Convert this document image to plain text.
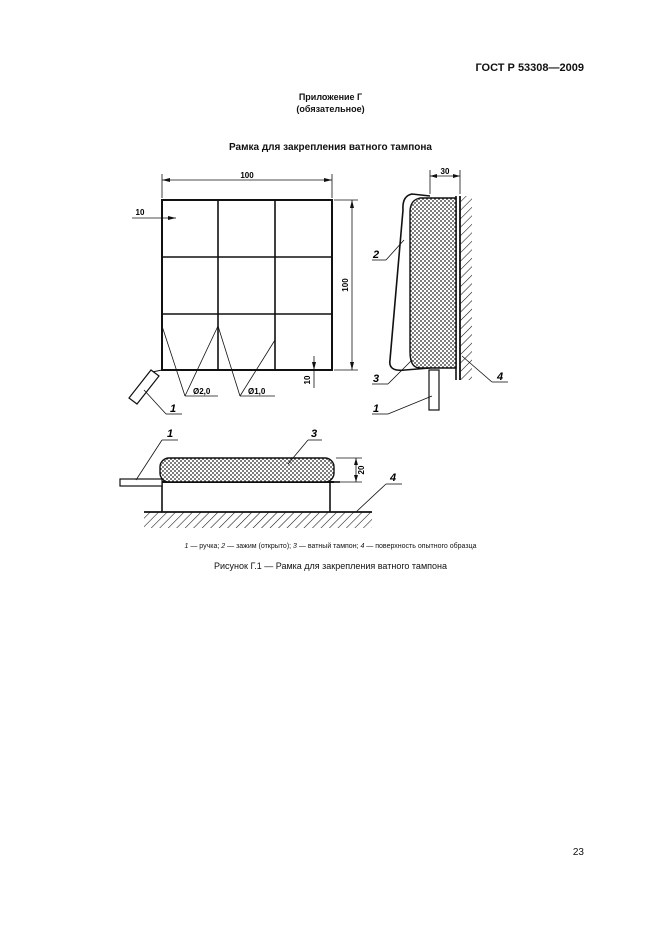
ГОСТ Р 53308—2009
Приложение Г
(обязательное)
Рамка для закрепления ватного тампона
100
100
10
10
Ø2,0	Ø1,0
1
30
2
3
1
4
1	3
4
20
1 — ручка; 2 — зажим (открыто); 3 — ватный тампон; 4 — поверхность опытного образца
Рисунок Г.1 — Рамка для закрепления ватного тампона
23
